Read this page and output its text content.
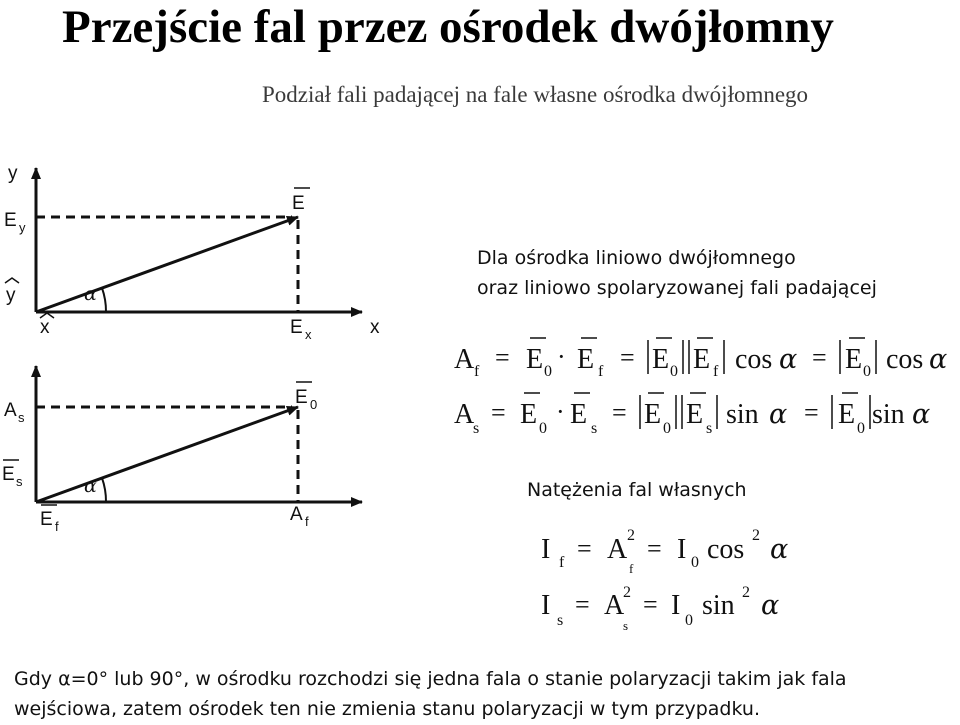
Przejście fal przez ośrodek dwójłomny
Podział fali padającej na fale własne ośrodka dwójłomnego
Dla ośrodka liniowo dwójłomnego
oraz liniowo spolaryzowanej fali padającej
Natężenia fal własnych
Gdy α=0° lub 90°, w ośrodku rozchodzi się jedna fala o stanie polaryzacji takim jak fala
wejściowa, zatem ośrodek ten nie zmienia stanu polaryzacji w tym przypadku.
y
x
E y
E
α
y
x	E x
A s
E 0
E s	α
E f
A f
A f = E 0
· E f = E 0 E f cos α = E 0 cos α
A
s
= E 0
· E s
= E 0 E s sin α = E 0 sin α
I f = A 2
f
= I 0 cos 2 α
I s
= A
2
s
= I 0 sin 2 α
